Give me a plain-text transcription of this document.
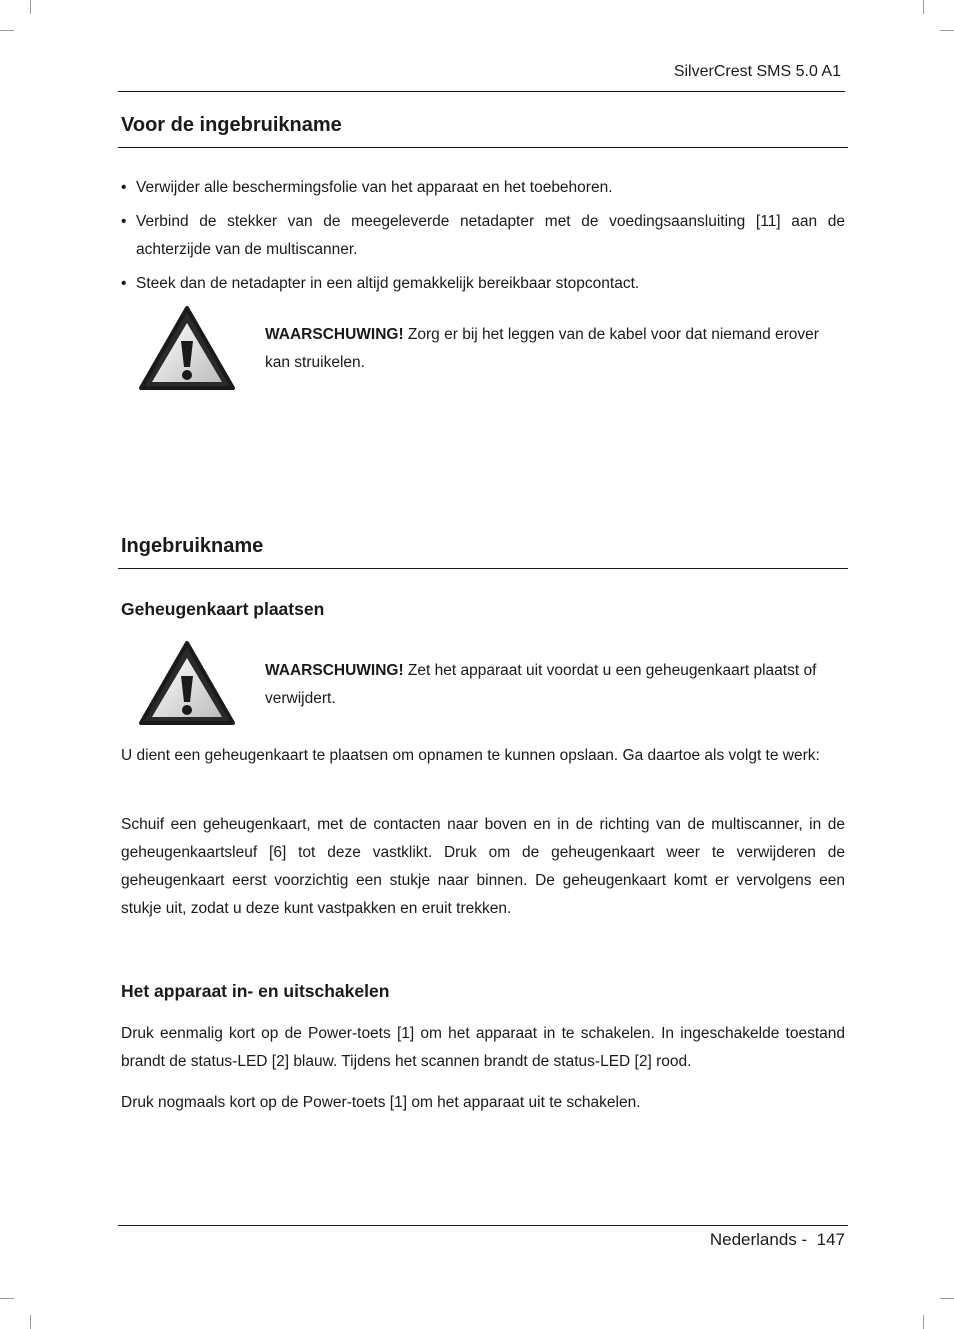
SilverCrest SMS 5.0 A1
Voor de ingebruikname
• Verwijder alle beschermingsfolie van het apparaat en het toebehoren.
• Verbind de stekker van de meegeleverde netadapter met de voedingsaansluiting [11] aan de achterzijde van de multiscanner.
• Steek dan de netadapter in een altijd gemakkelijk bereikbaar stopcontact.
WAARSCHUWING! Zorg er bij het leggen van de kabel voor dat niemand erover kan struikelen.
Ingebruikname
Geheugenkaart plaatsen
WAARSCHUWING! Zet het apparaat uit voordat u een geheugenkaart plaatst of verwijdert.

U dient een geheugenkaart te plaatsen om opnamen te kunnen opslaan. Ga daartoe als volgt te werk:

Schuif een geheugenkaart, met de contacten naar boven en in de richting van de multiscanner, in de geheugenkaartsleuf [6] tot deze vastklikt. Druk om de geheugenkaart weer te verwijderen de geheugenkaart eerst voorzichtig een stukje naar binnen. De geheugenkaart komt er vervolgens een stukje uit, zodat u deze kunt vastpakken en eruit trekken.

Het apparaat in- en uitschakelen

Druk eenmalig kort op de Power-toets [1] om het apparaat in te schakelen. In ingeschakelde toestand brandt de status-LED [2] blauw. Tijdens het scannen brandt de status-LED [2] rood.

Druk nogmaals kort op de Power-toets [1] om het apparaat uit te schakelen.

Nederlands - 147
